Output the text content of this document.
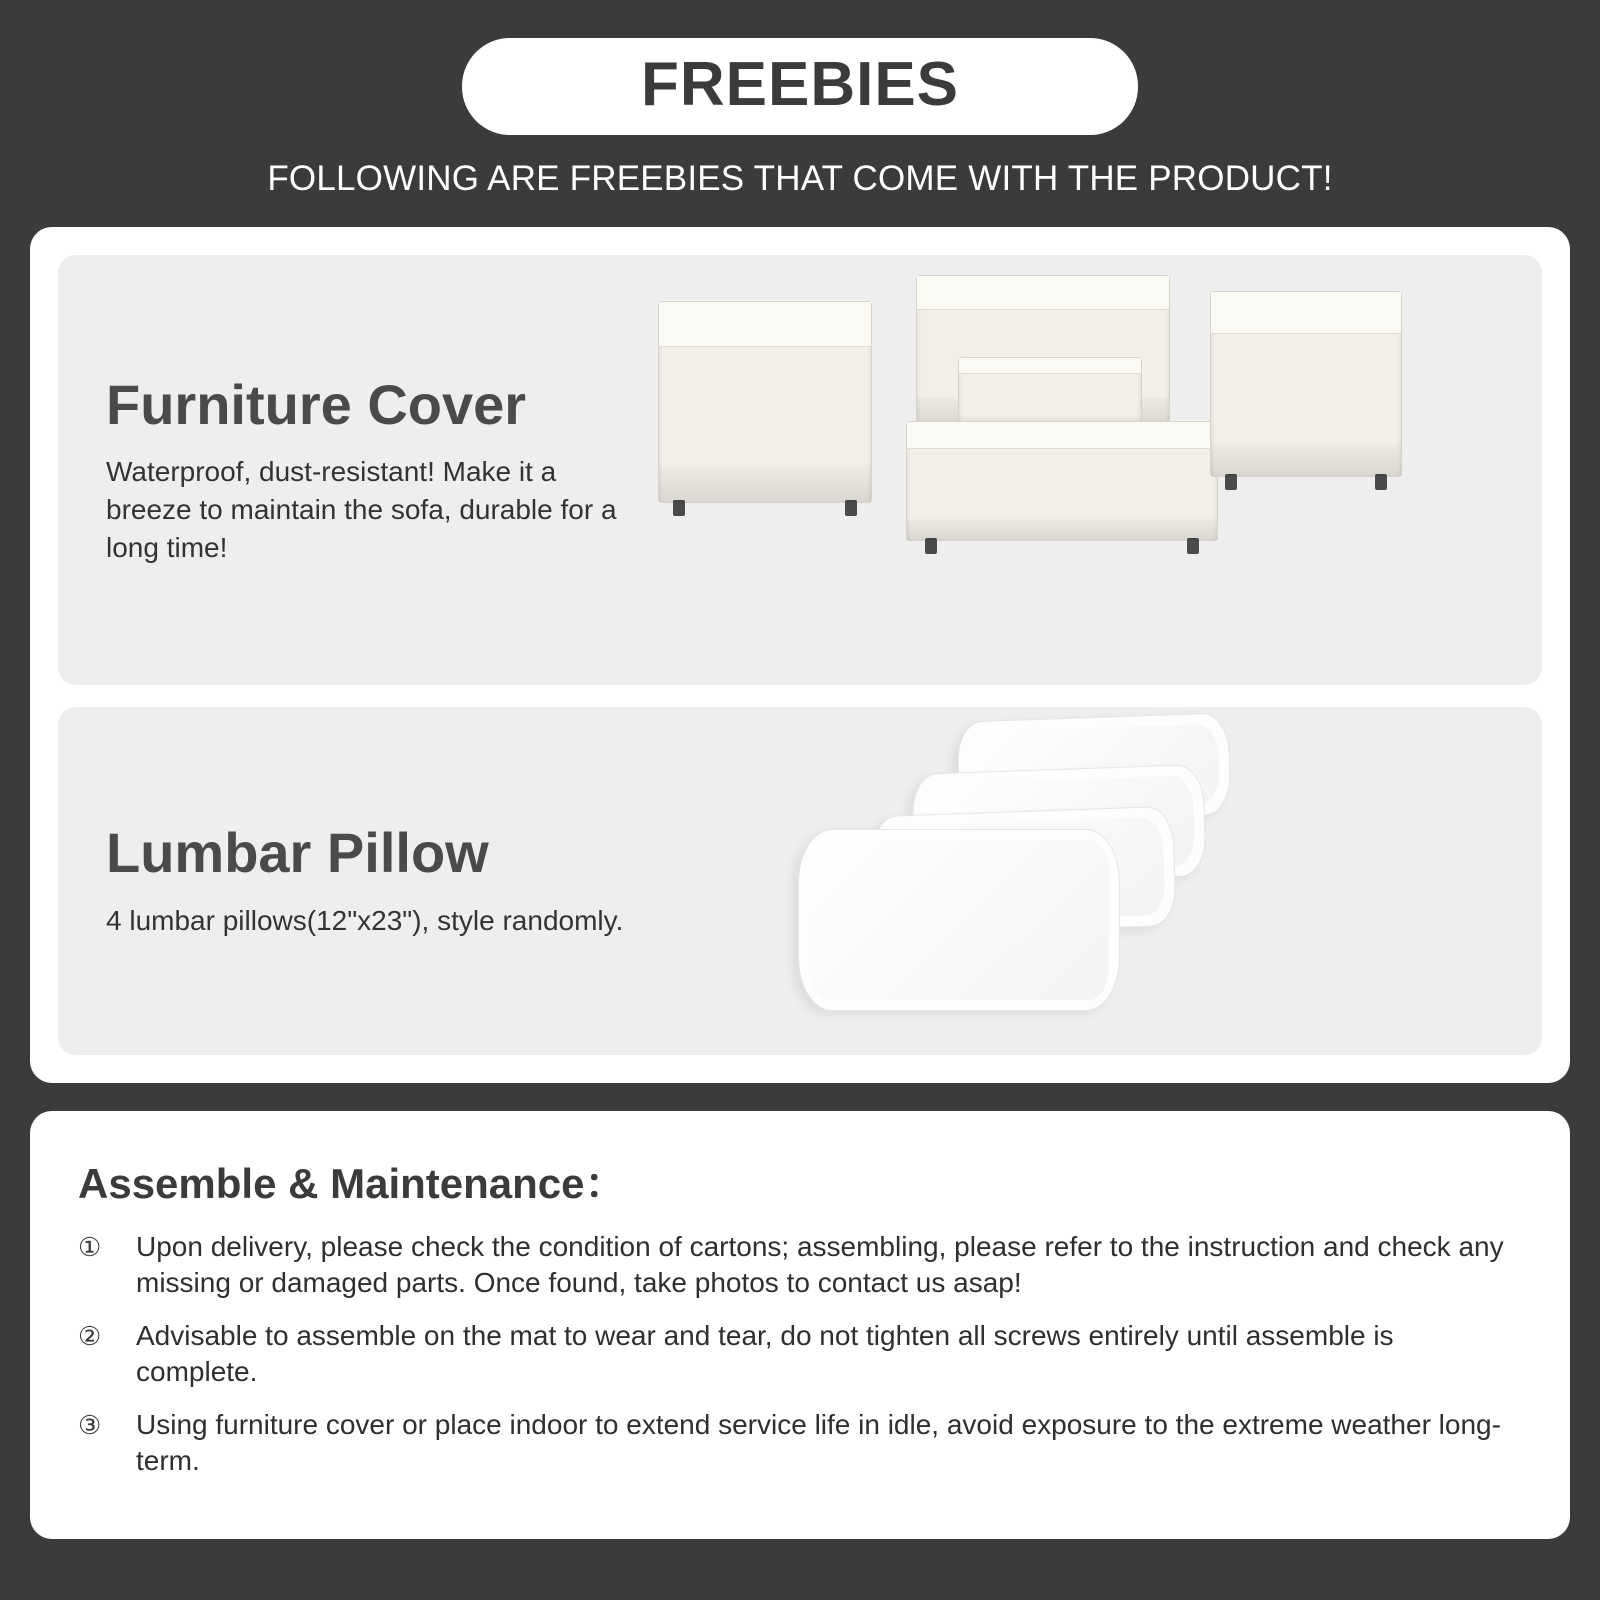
FREEBIES
FOLLOWING ARE FREEBIES THAT COME WITH THE PRODUCT!
Furniture Cover
Waterproof, dust-resistant! Make it a breeze to maintain the sofa, durable for a long time!
Lumbar Pillow
4 lumbar pillows(12"x23"), style randomly.
Assemble & Maintenance：
①	Upon delivery, please check the condition of cartons; assembling, please refer to the instruction and check any missing or damaged parts. Once found, take photos to contact us asap!
②	Advisable to assemble on the mat to wear and tear, do not tighten all screws entirely until assemble is complete.
③	Using furniture cover or place indoor to extend service life in idle, avoid exposure to the extreme weather long-term.
